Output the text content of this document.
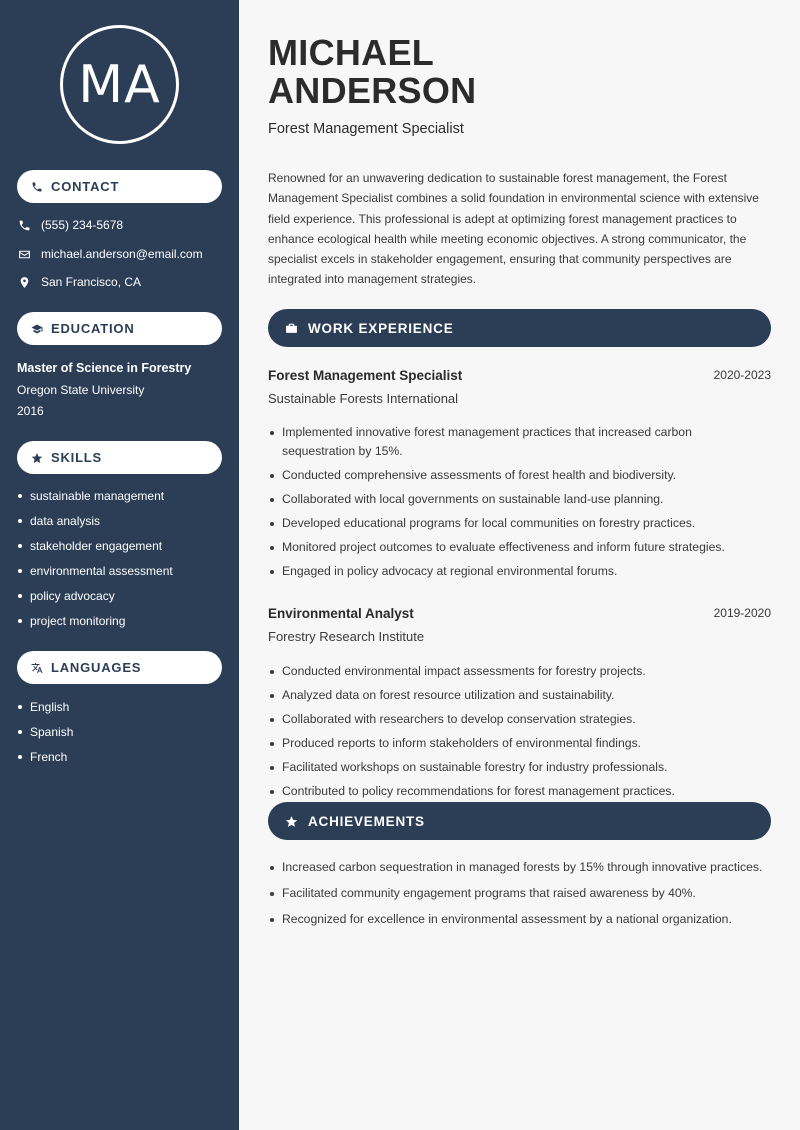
MA
CONTACT
(555) 234-5678
michael.anderson@email.com
San Francisco, CA
EDUCATION
Master of Science in Forestry
Oregon State University
2016
SKILLS
sustainable management
data analysis
stakeholder engagement
environmental assessment
policy advocacy
project monitoring
LANGUAGES
English
Spanish
French
MICHAEL
ANDERSON
Forest Management Specialist

Renowned for an unwavering dedication to sustainable forest management, the Forest Management Specialist combines a solid foundation in environmental science with extensive field experience. This professional is adept at optimizing forest management practices to enhance ecological health while meeting economic objectives. A strong communicator, the specialist excels in stakeholder engagement, ensuring that community perspectives are integrated into management strategies.

WORK EXPERIENCE
Forest Management Specialist	2020-2023
Sustainable Forests International
Implemented innovative forest management practices that increased carbon sequestration by 15%.
Conducted comprehensive assessments of forest health and biodiversity.
Collaborated with local governments on sustainable land-use planning.
Developed educational programs for local communities on forestry practices.
Monitored project outcomes to evaluate effectiveness and inform future strategies.
Engaged in policy advocacy at regional environmental forums.
Environmental Analyst	2019-2020
Forestry Research Institute
Conducted environmental impact assessments for forestry projects.
Analyzed data on forest resource utilization and sustainability.
Collaborated with researchers to develop conservation strategies.
Produced reports to inform stakeholders of environmental findings.
Facilitated workshops on sustainable forestry for industry professionals.
Contributed to policy recommendations for forest management practices.
ACHIEVEMENTS
Increased carbon sequestration in managed forests by 15% through innovative practices.
Facilitated community engagement programs that raised awareness by 40%.
Recognized for excellence in environmental assessment by a national organization.
